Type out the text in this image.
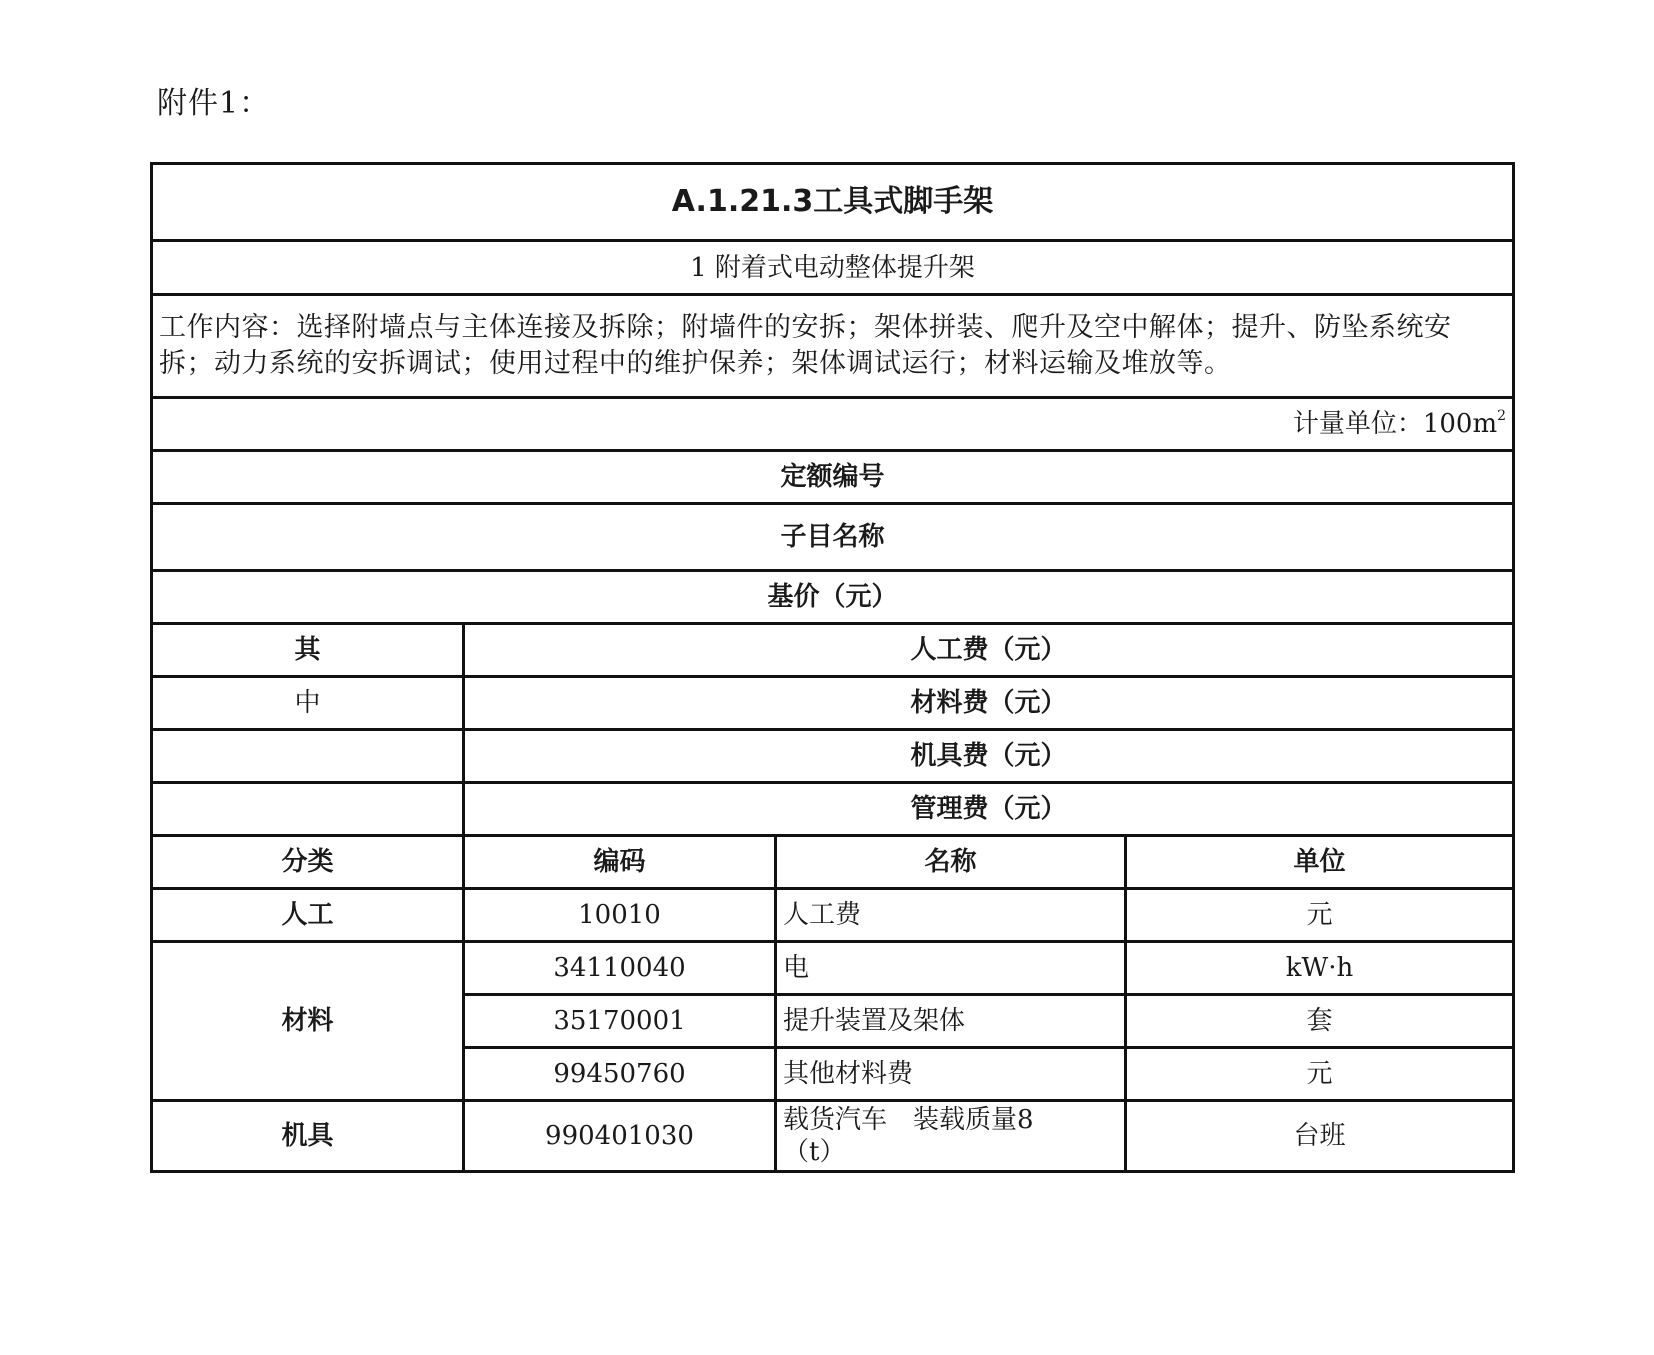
附件1：
A.1.21.3工具式脚手架			
1 附着式电动整体提升架			
工作内容：选择附墙点与主体连接及拆除；附墙件的安拆；架体拼装、爬升及空中解体；提升、防坠系统安拆；动力系统的安拆调试；使用过程中的维护保养；架体调试运行；材料运输及堆放等。			
计量单位：$100m^2$
定额编号			
子目名称			
基价（元）			
其	人工费（元）		
中	材料费（元）		
	机具费（元）		
	管理费（元）		
分类	编码	名称	单位
人工	10010	人工费	元
材料	34110040	电	kW·h
	35170001	提升装置及架体	套
	99450760	其他材料费	元
机具	990401030	载货汽车　装载质量8
（t）	台班
